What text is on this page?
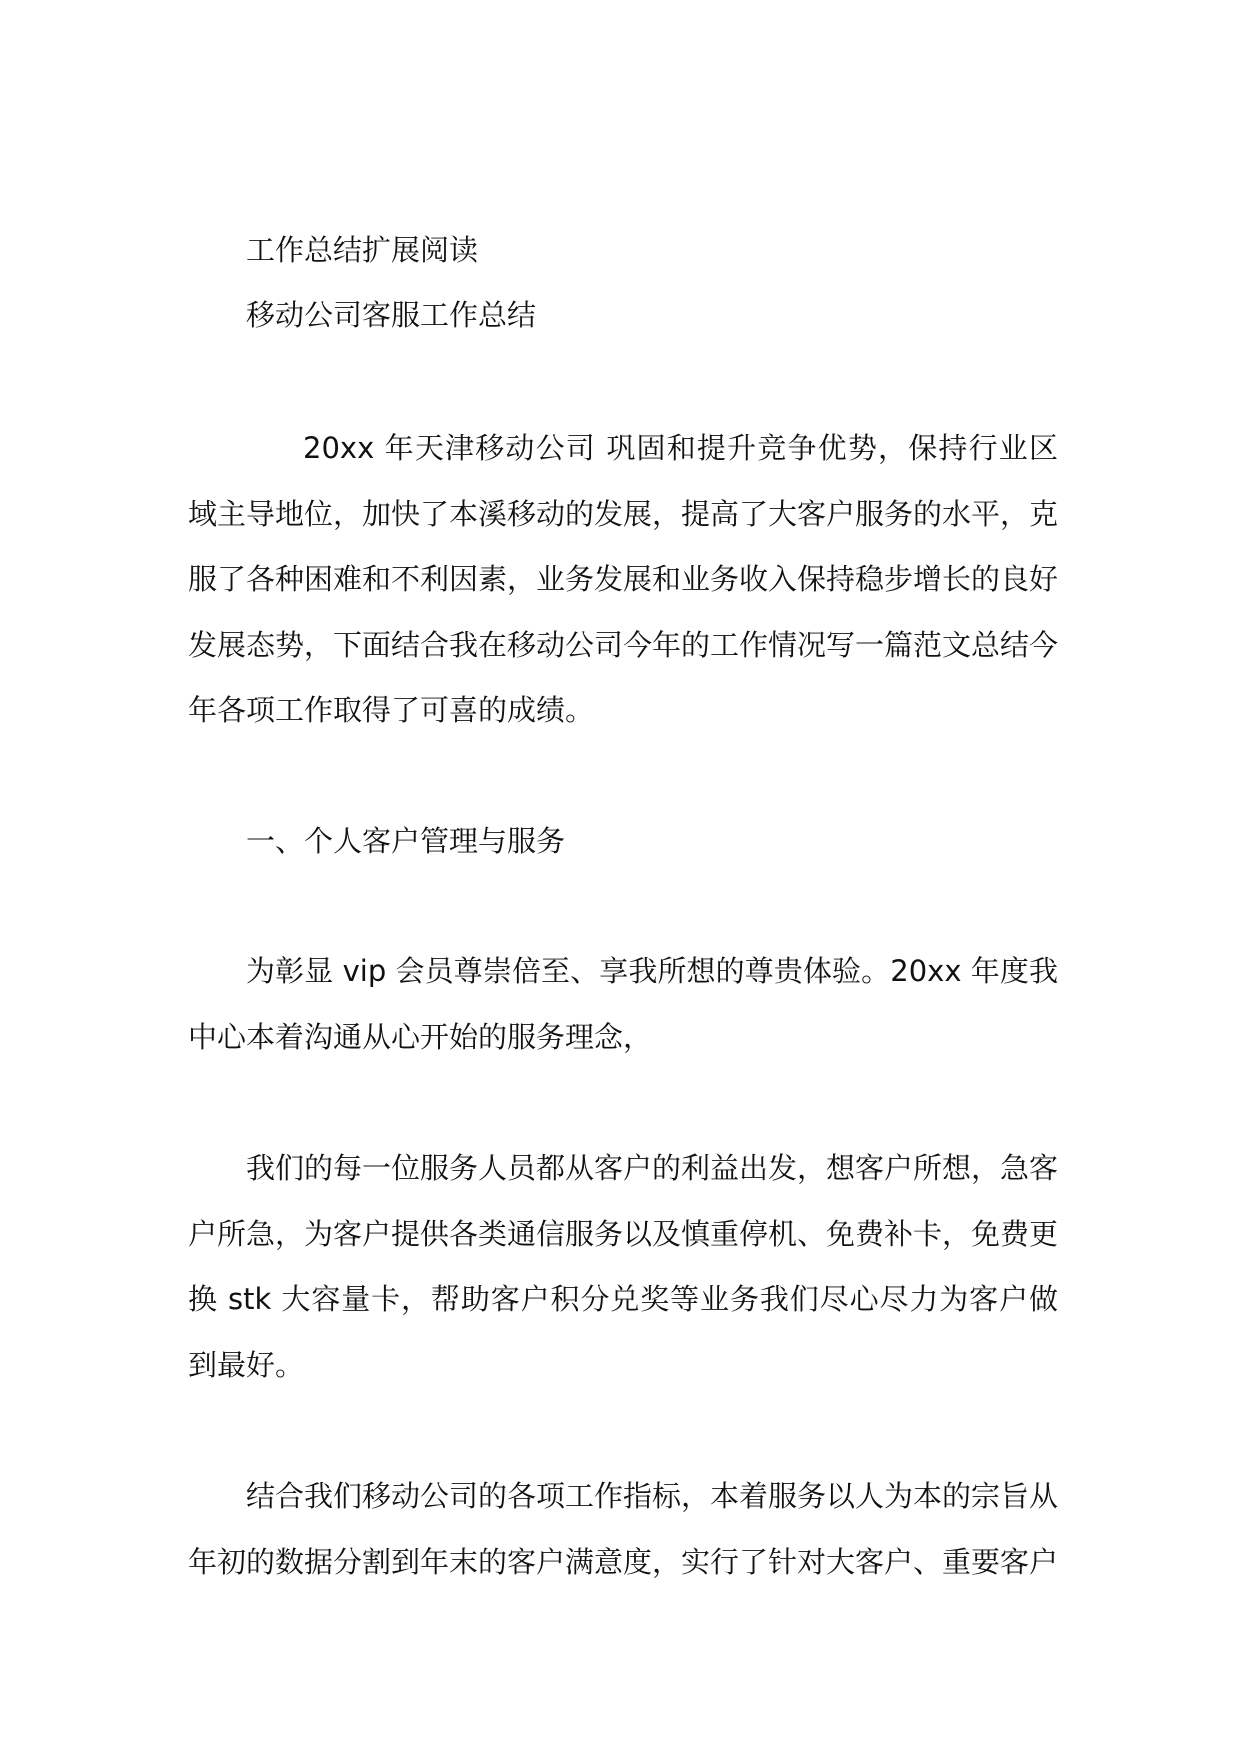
工作总结扩展阅读
移动公司客服工作总结

20xx 年天津移动公司 巩固和提升竞争优势，保持行业区域主导地位，加快了本溪移动的发展，提高了大客户服务的水平，克服了各种困难和不利因素，业务发展和业务收入保持稳步增长的良好发展态势，下面结合我在移动公司今年的工作情况写一篇范文总结今年各项工作取得了可喜的成绩。

一、个人客户管理与服务

为彰显 vip 会员尊崇倍至、享我所想的尊贵体验。20xx 年度我中心本着沟通从心开始的服务理念，

我们的每一位服务人员都从客户的利益出发，想客户所想，急客户所急，为客户提供各类通信服务以及慎重停机、免费补卡，免费更换 stk 大容量卡，帮助客户积分兑奖等业务我们尽心尽力为客户做到最好。

结合我们移动公司的各项工作指标，本着服务以人为本的宗旨从年初的数据分割到年末的客户满意度，实行了针对大客户、重要客户
